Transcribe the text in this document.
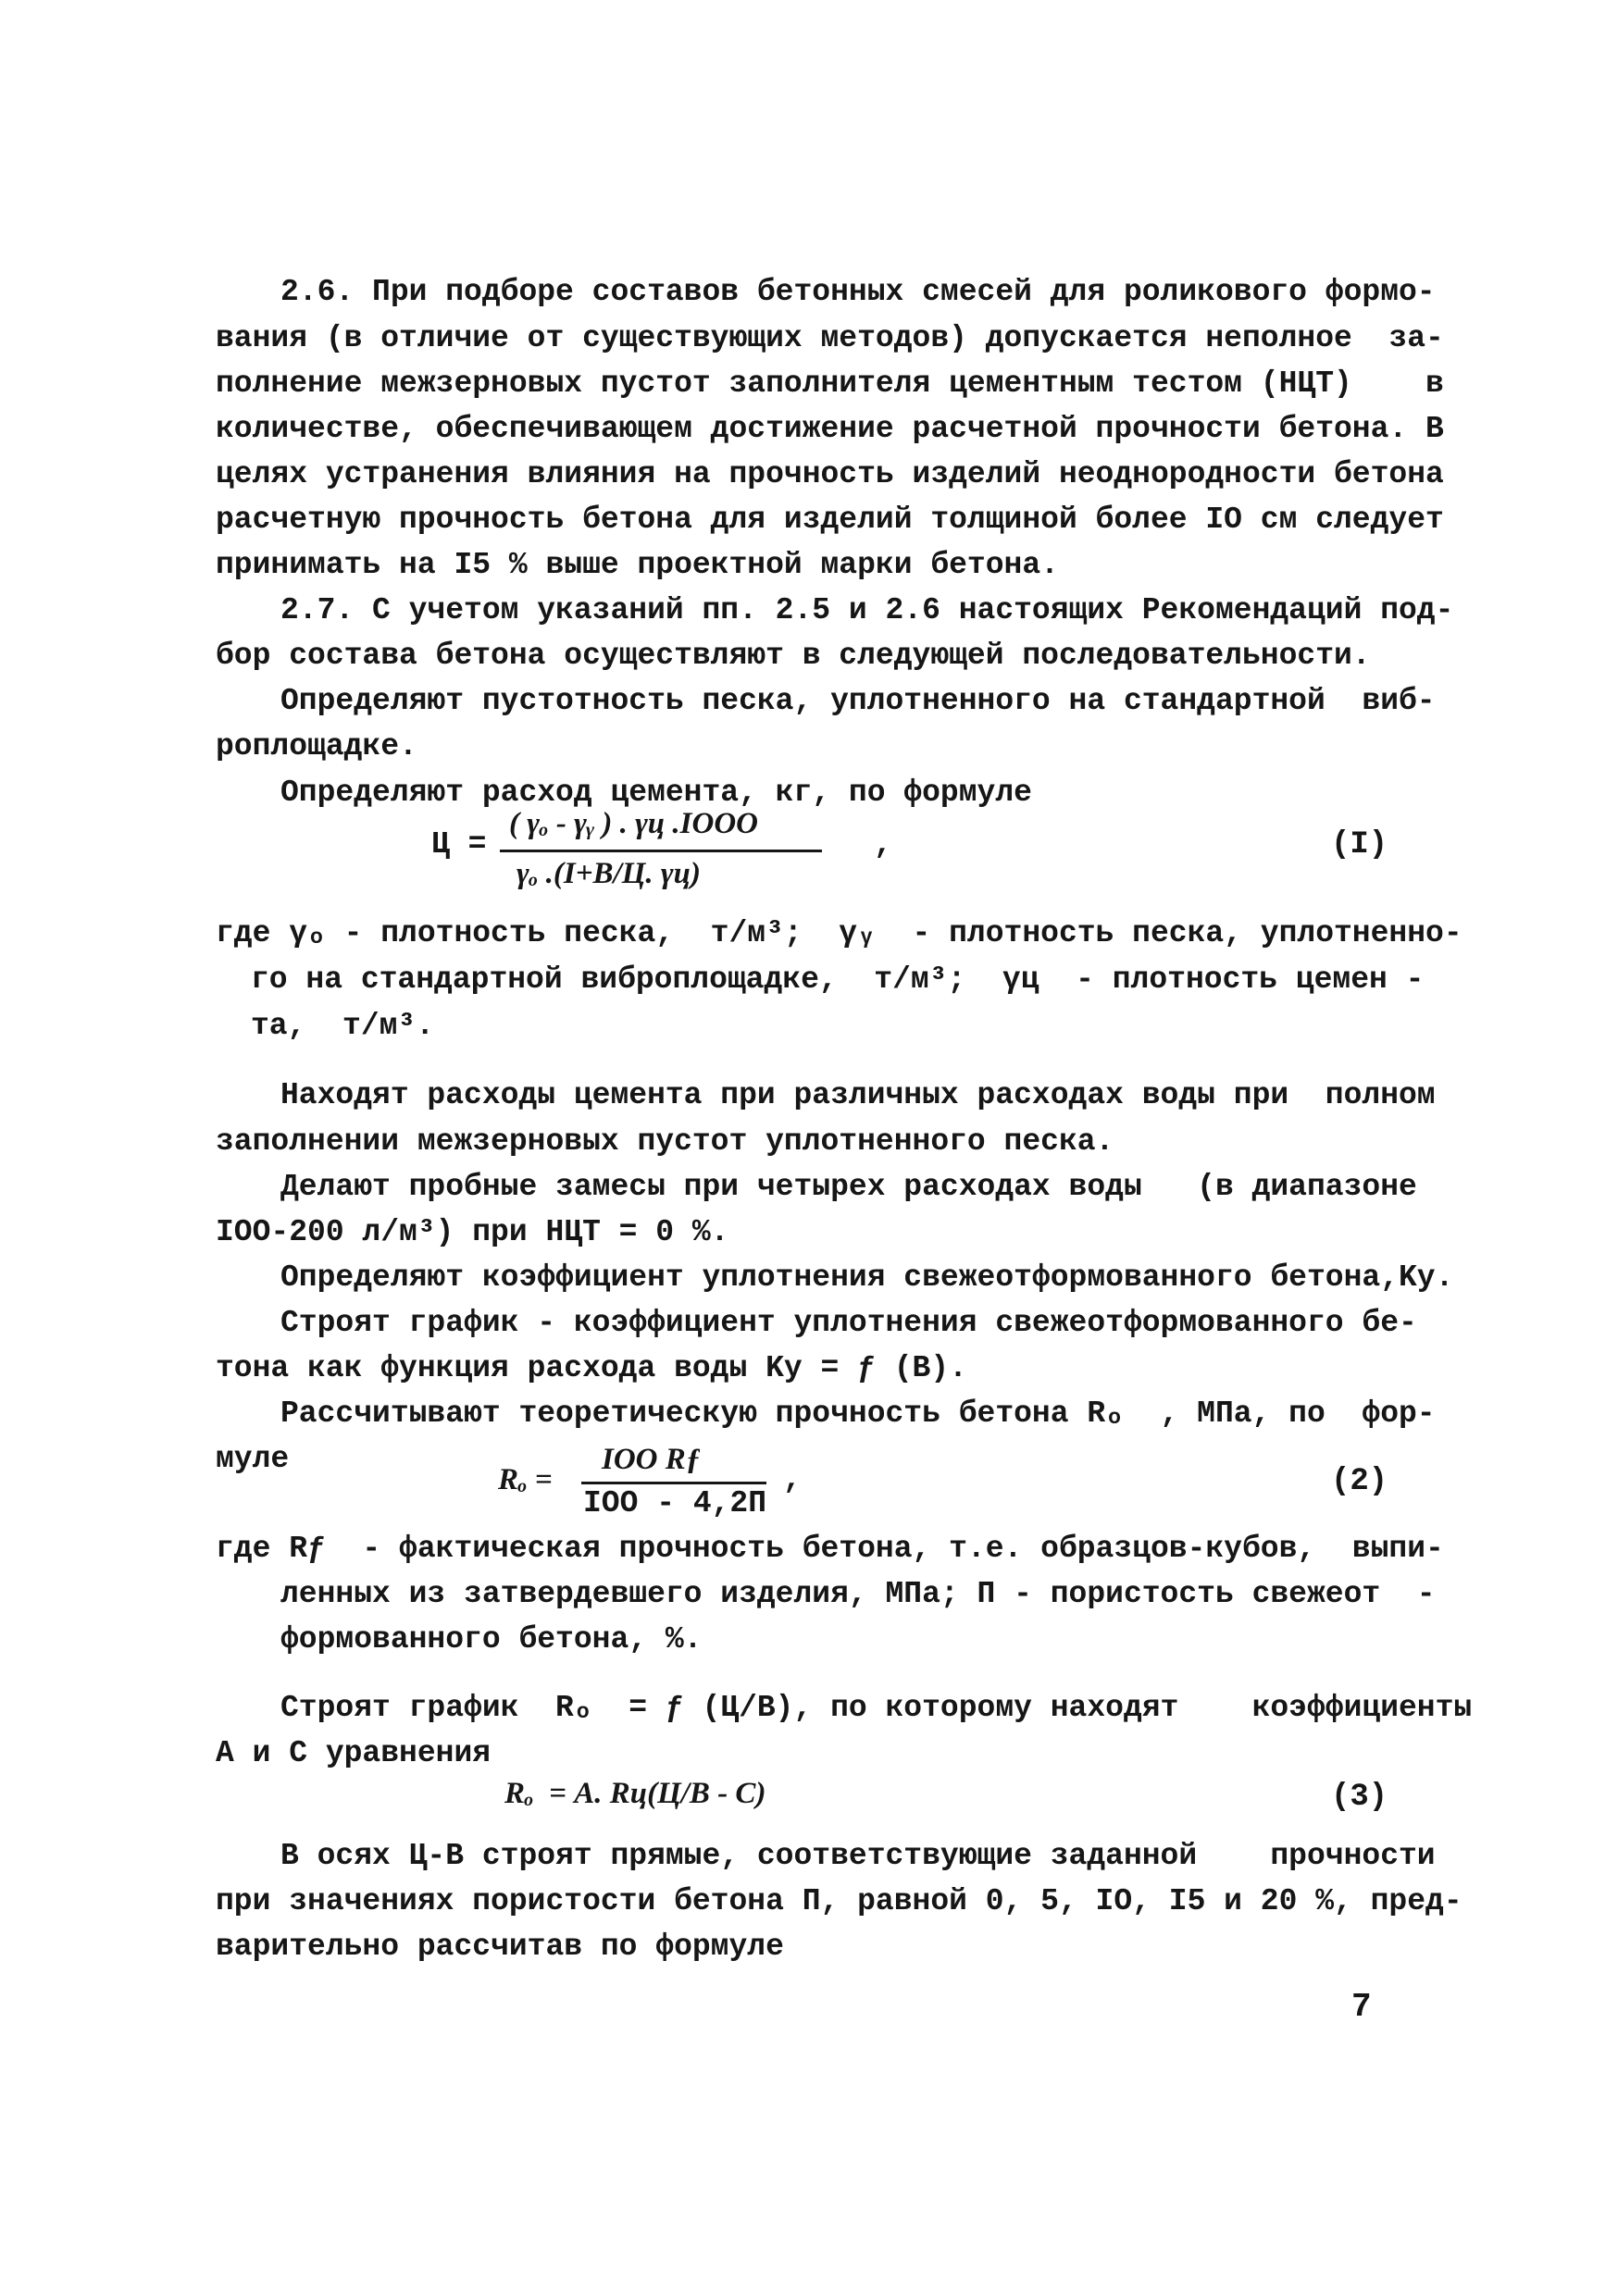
2.6. При подборе составов бетонных смесей для роликового формо-
вания (в отличие от существующих методов) допускается неполное  за-
полнение межзерновых пустот заполнителя цементным тестом (НЦТ)    в
количестве, обеспечивающем достижение расчетной прочности бетона. В
целях устранения влияния на прочность изделий неоднородности бетона
расчетную прочность бетона для изделий толщиной более IO см следует
принимать на I5 % выше проектной марки бетона.
2.7. С учетом указаний пп. 2.5 и 2.6 настоящих Рекомендаций под-
бор состава бетона осуществляют в следующей последовательности.
Определяют пустотность песка, уплотненного на стандартной  виб-
роплощадке.
Определяют расход цемента, кг, по формуле
Ц =
( γₒ - γᵧ ) . γц .IOOO
γₒ .(I+B/Ц. γц)
,	(I)
где γₒ - плотность песка,  т/м³;  γᵧ  - плотность песка, уплотненно-
го на стандартной виброплощадке,  т/м³;  γц  - плотность цемен -
та,  т/м³.
Находят расходы цемента при различных расходах воды при  полном
заполнении межзерновых пустот уплотненного песка.
Делают пробные замесы при четырех расходах воды   (в диапазоне
IOO-200 л/м³) при НЦТ = 0 %.
Определяют коэффициент уплотнения свежеотформованного бетона,Kу.
Строят график - коэффициент уплотнения свежеотформованного бе-
тона как функция расхода воды Kу = ƒ (B).
Рассчитывают теоретическую прочность бетона Rₒ  , МПа, по  фор-
муле
Rₒ =
IOO Rƒ
IOO - 4,2П
,	(2)
где Rƒ  - фактическая прочность бетона, т.е. образцов-кубов,  выпи-
ленных из затвердевшего изделия, МПа; П - пористость свежеот  -
формованного бетона, %.
Строят график  Rₒ  = ƒ (Ц/B), по которому находят    коэффициенты
А и С уравнения
Rₒ  = А. Rц(Ц/B - С)	(3)
В осях Ц-B строят прямые, соответствующие заданной    прочности
при значениях пористости бетона П, равной 0, 5, IO, I5 и 20 %, пред-
варительно рассчитав по формуле
7
